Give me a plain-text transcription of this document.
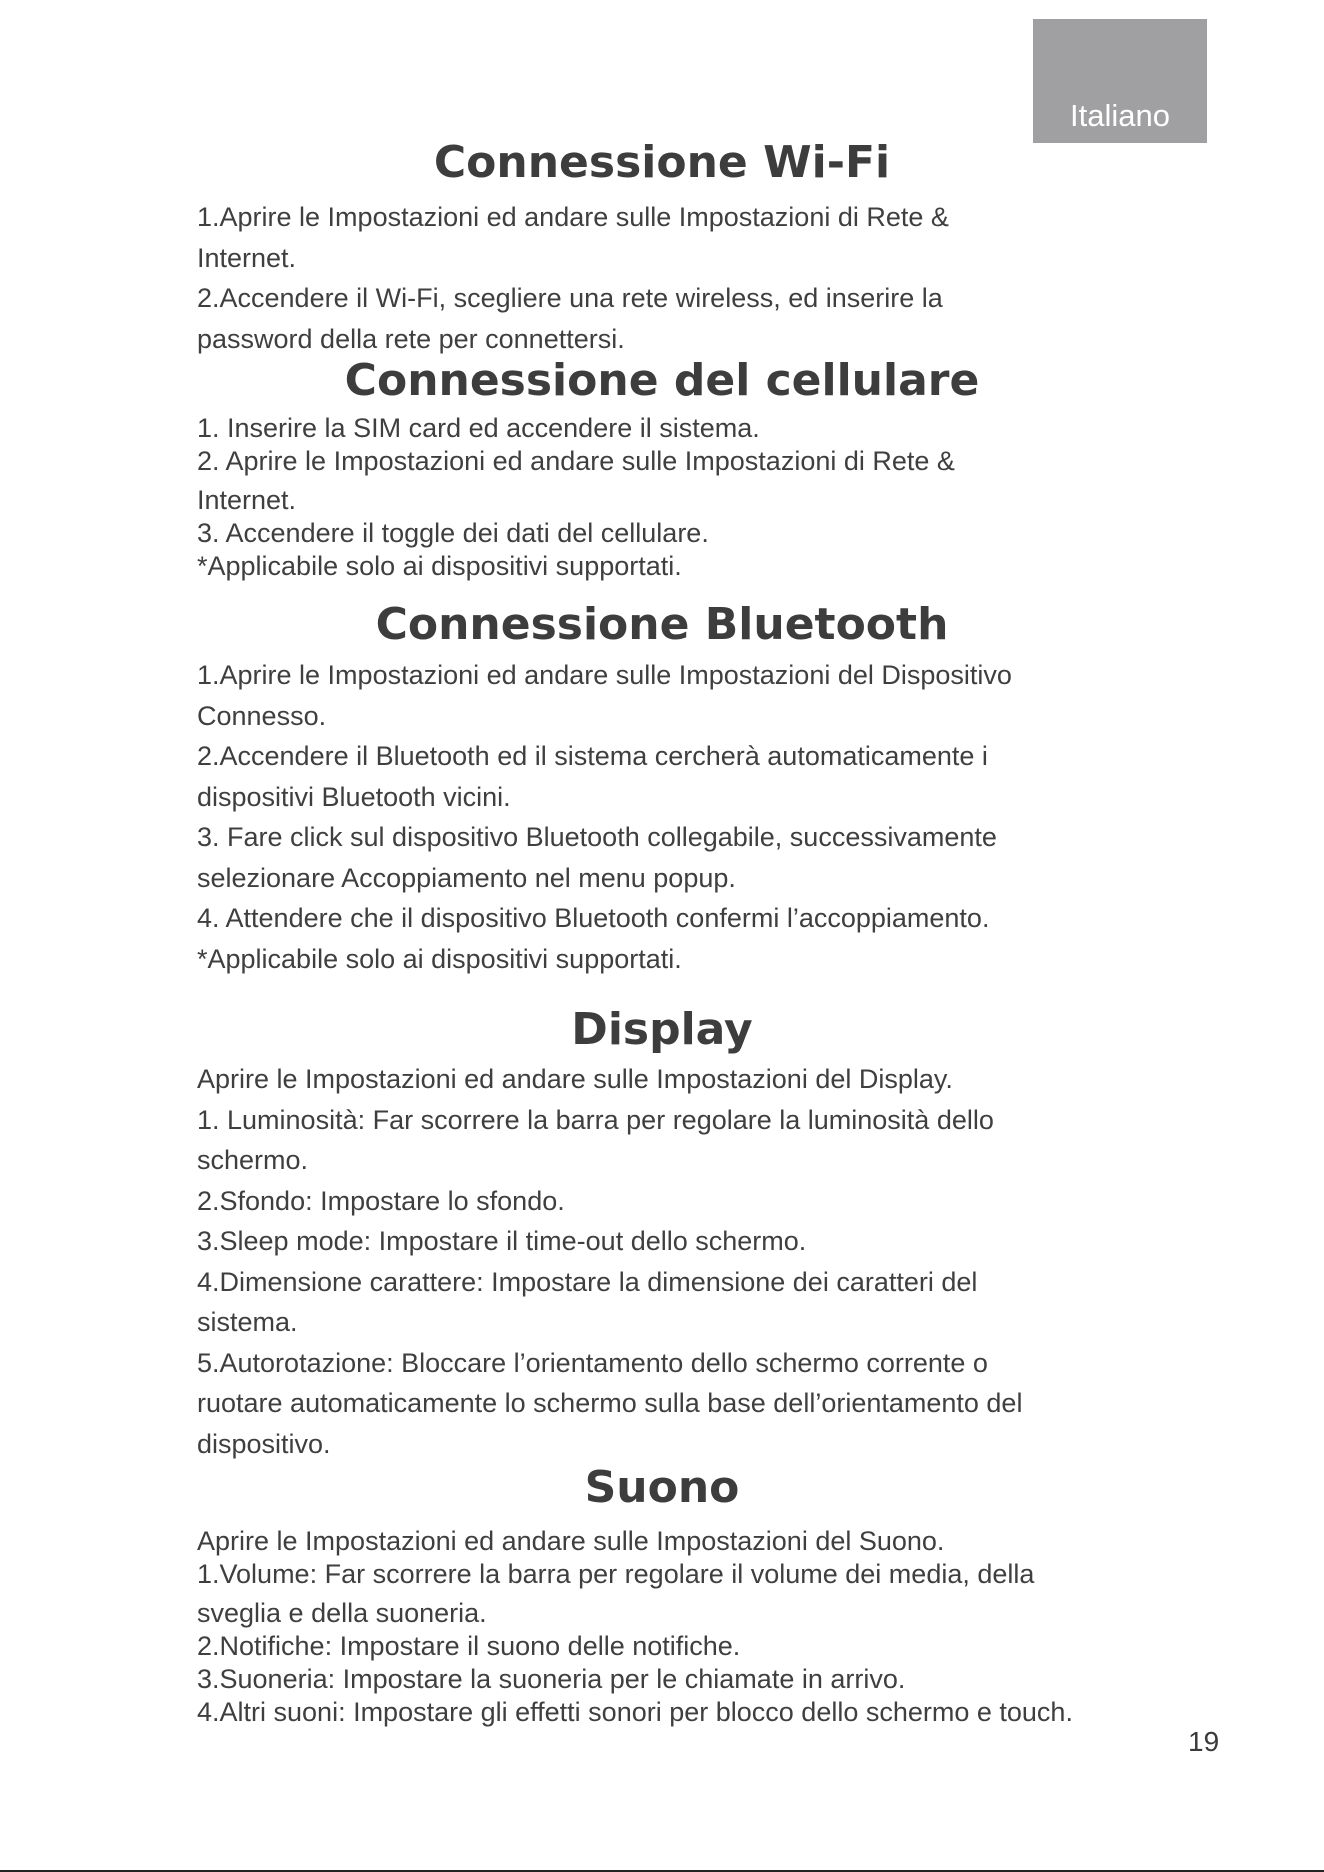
Italiano
Connessione Wi-Fi

1.Aprire le Impostazioni ed andare sulle Impostazioni di Rete &

Internet.

2.Accendere il Wi-Fi, scegliere una rete wireless, ed inserire la

password della rete per connettersi.

Connessione del cellulare

1. Inserire la SIM card ed accendere il sistema.

2. Aprire le Impostazioni ed andare sulle Impostazioni di Rete &

Internet.

3. Accendere il toggle dei dati del cellulare.

*Applicabile solo ai dispositivi supportati.

Connessione Bluetooth

1.Aprire le Impostazioni ed andare sulle Impostazioni del Dispositivo

Connesso.

2.Accendere il Bluetooth ed il sistema cercherà automaticamente i

dispositivi Bluetooth vicini.

3. Fare click sul dispositivo Bluetooth collegabile, successivamente

selezionare Accoppiamento nel menu popup.

4. Attendere che il dispositivo Bluetooth confermi l’accoppiamento.

*Applicabile solo ai dispositivi supportati.

Display

Aprire le Impostazioni ed andare sulle Impostazioni del Display.

1. Luminosità: Far scorrere la barra per regolare la luminosità dello

schermo.

2.Sfondo: Impostare lo sfondo.

3.Sleep mode: Impostare il time-out dello schermo.

4.Dimensione carattere: Impostare la dimensione dei caratteri del

sistema.

5.Autorotazione: Bloccare l’orientamento dello schermo corrente o

ruotare automaticamente lo schermo sulla base dell’orientamento del

dispositivo.

Suono

Aprire le Impostazioni ed andare sulle Impostazioni del Suono.

1.Volume: Far scorrere la barra per regolare il volume dei media, della

sveglia e della suoneria.

2.Notifiche: Impostare il suono delle notifiche.

3.Suoneria: Impostare la suoneria per le chiamate in arrivo.

4.Altri suoni: Impostare gli effetti sonori per blocco dello schermo e touch.

19
